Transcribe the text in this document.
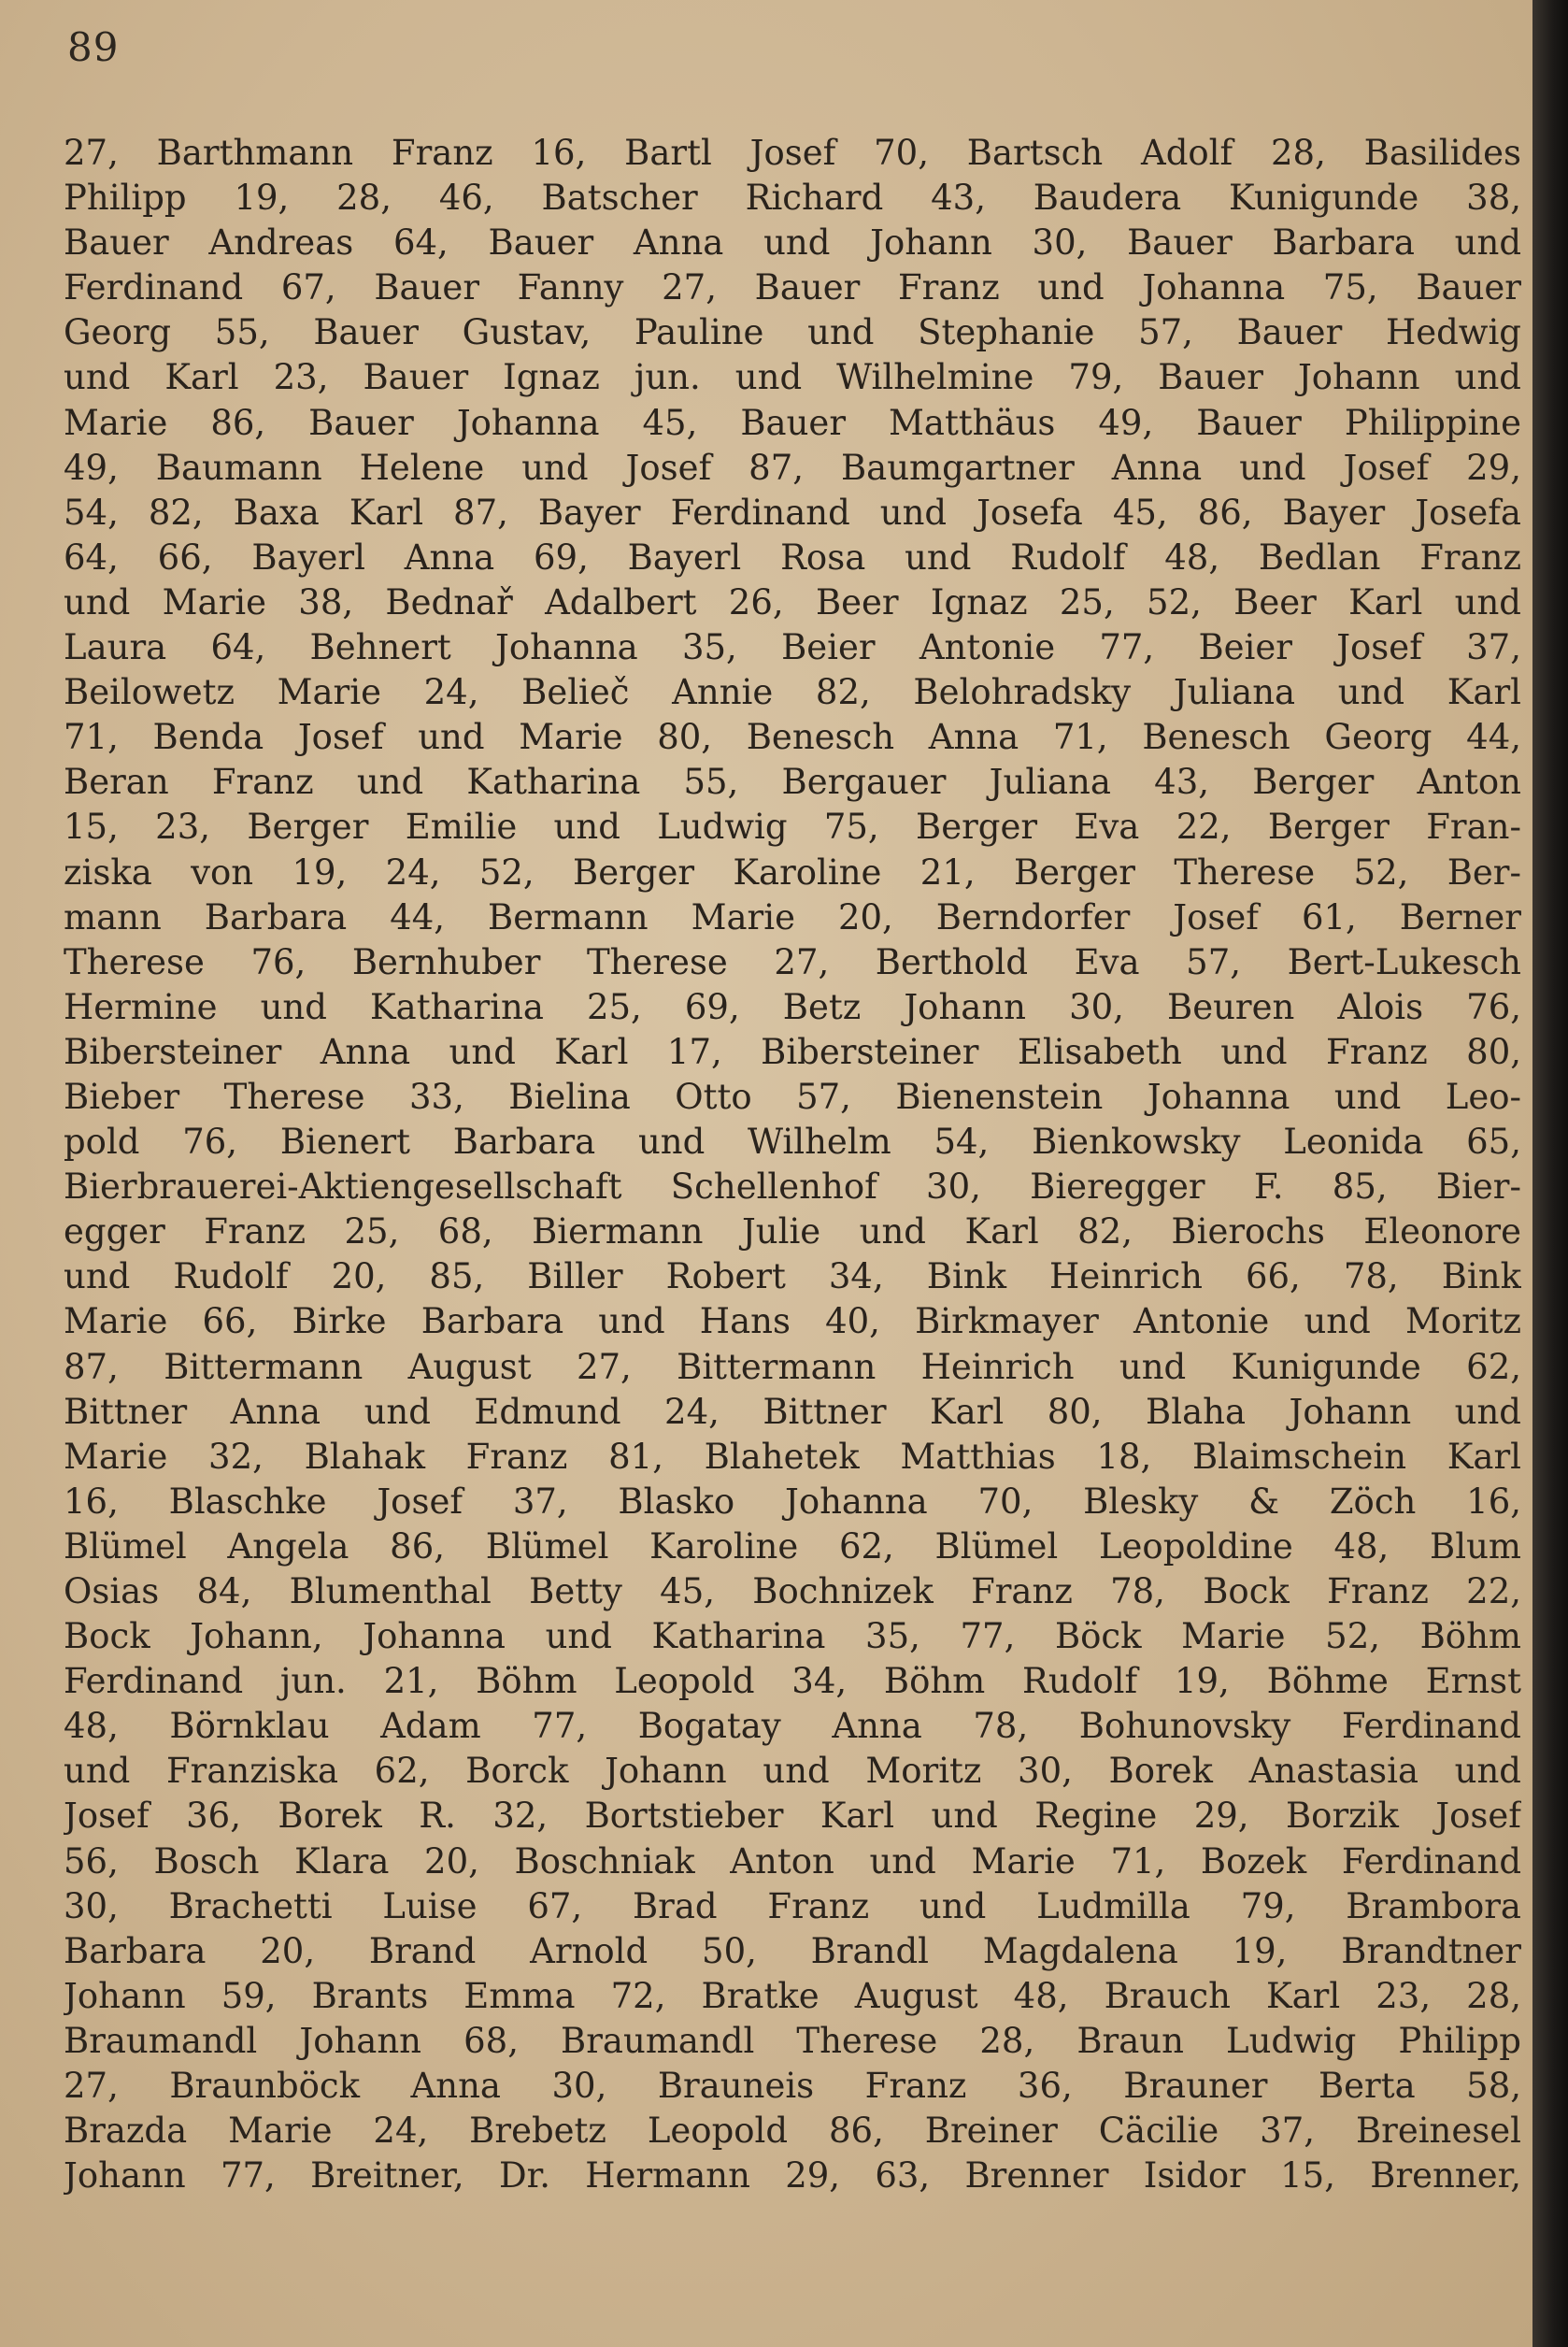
89
27, Barthmann Franz 16, Bartl Josef 70, Bartsch Adolf 28, Basilides
Philipp 19, 28, 46, Batscher Richard 43, Baudera Kunigunde 38,
Bauer Andreas 64, Bauer Anna und Johann 30, Bauer Barbara und
Ferdinand 67, Bauer Fanny 27, Bauer Franz und Johanna 75, Bauer
Georg 55, Bauer Gustav, Pauline und Stephanie 57, Bauer Hedwig
und Karl 23, Bauer Ignaz jun. und Wilhelmine 79, Bauer Johann und
Marie 86, Bauer Johanna 45, Bauer Matthäus 49, Bauer Philippine
49, Baumann Helene und Josef 87, Baumgartner Anna und Josef 29,
54, 82, Baxa Karl 87, Bayer Ferdinand und Josefa 45, 86, Bayer Josefa
64, 66, Bayerl Anna 69, Bayerl Rosa und Rudolf 48, Bedlan Franz
und Marie 38, Bednař Adalbert 26, Beer Ignaz 25, 52, Beer Karl und
Laura 64, Behnert Johanna 35, Beier Antonie 77, Beier Josef 37,
Beilowetz Marie 24, Belieč Annie 82, Belohradsky Juliana und Karl
71, Benda Josef und Marie 80, Benesch Anna 71, Benesch Georg 44,
Beran Franz und Katharina 55, Bergauer Juliana 43, Berger Anton
15, 23, Berger Emilie und Ludwig 75, Berger Eva 22, Berger Fran-
ziska von 19, 24, 52, Berger Karoline 21, Berger Therese 52, Ber-
mann Barbara 44, Bermann Marie 20, Berndorfer Josef 61, Berner
Therese 76, Bernhuber Therese 27, Berthold Eva 57, Bert-Lukesch
Hermine und Katharina 25, 69, Betz Johann 30, Beuren Alois 76,
Bibersteiner Anna und Karl 17, Bibersteiner Elisabeth und Franz 80,
Bieber Therese 33, Bielina Otto 57, Bienenstein Johanna und Leo-
pold 76, Bienert Barbara und Wilhelm 54, Bienkowsky Leonida 65,
Bierbrauerei-Aktiengesellschaft Schellenhof 30, Bieregger F. 85, Bier-
egger Franz 25, 68, Biermann Julie und Karl 82, Bierochs Eleonore
und Rudolf 20, 85, Biller Robert 34, Bink Heinrich 66, 78, Bink
Marie 66, Birke Barbara und Hans 40, Birkmayer Antonie und Moritz
87, Bittermann August 27, Bittermann Heinrich und Kunigunde 62,
Bittner Anna und Edmund 24, Bittner Karl 80, Blaha Johann und
Marie 32, Blahak Franz 81, Blahetek Matthias 18, Blaimschein Karl
16, Blaschke Josef 37, Blasko Johanna 70, Blesky & Zöch 16,
Blümel Angela 86, Blümel Karoline 62, Blümel Leopoldine 48, Blum
Osias 84, Blumenthal Betty 45, Bochnizek Franz 78, Bock Franz 22,
Bock Johann, Johanna und Katharina 35, 77, Böck Marie 52, Böhm
Ferdinand jun. 21, Böhm Leopold 34, Böhm Rudolf 19, Böhme Ernst
48, Börnklau Adam 77, Bogatay Anna 78, Bohunovsky Ferdinand
und Franziska 62, Borck Johann und Moritz 30, Borek Anastasia und
Josef 36, Borek R. 32, Bortstieber Karl und Regine 29, Borzik Josef
56, Bosch Klara 20, Boschniak Anton und Marie 71, Bozek Ferdinand
30, Brachetti Luise 67, Brad Franz und Ludmilla 79, Brambora
Barbara 20, Brand Arnold 50, Brandl Magdalena 19, Brandtner
Johann 59, Brants Emma 72, Bratke August 48, Brauch Karl 23, 28,
Braumandl Johann 68, Braumandl Therese 28, Braun Ludwig Philipp
27, Braunböck Anna 30, Brauneis Franz 36, Brauner Berta 58,
Brazda Marie 24, Brebetz Leopold 86, Breiner Cäcilie 37, Breinesel
Johann 77, Breitner, Dr. Hermann 29, 63, Brenner Isidor 15, Brenner,
